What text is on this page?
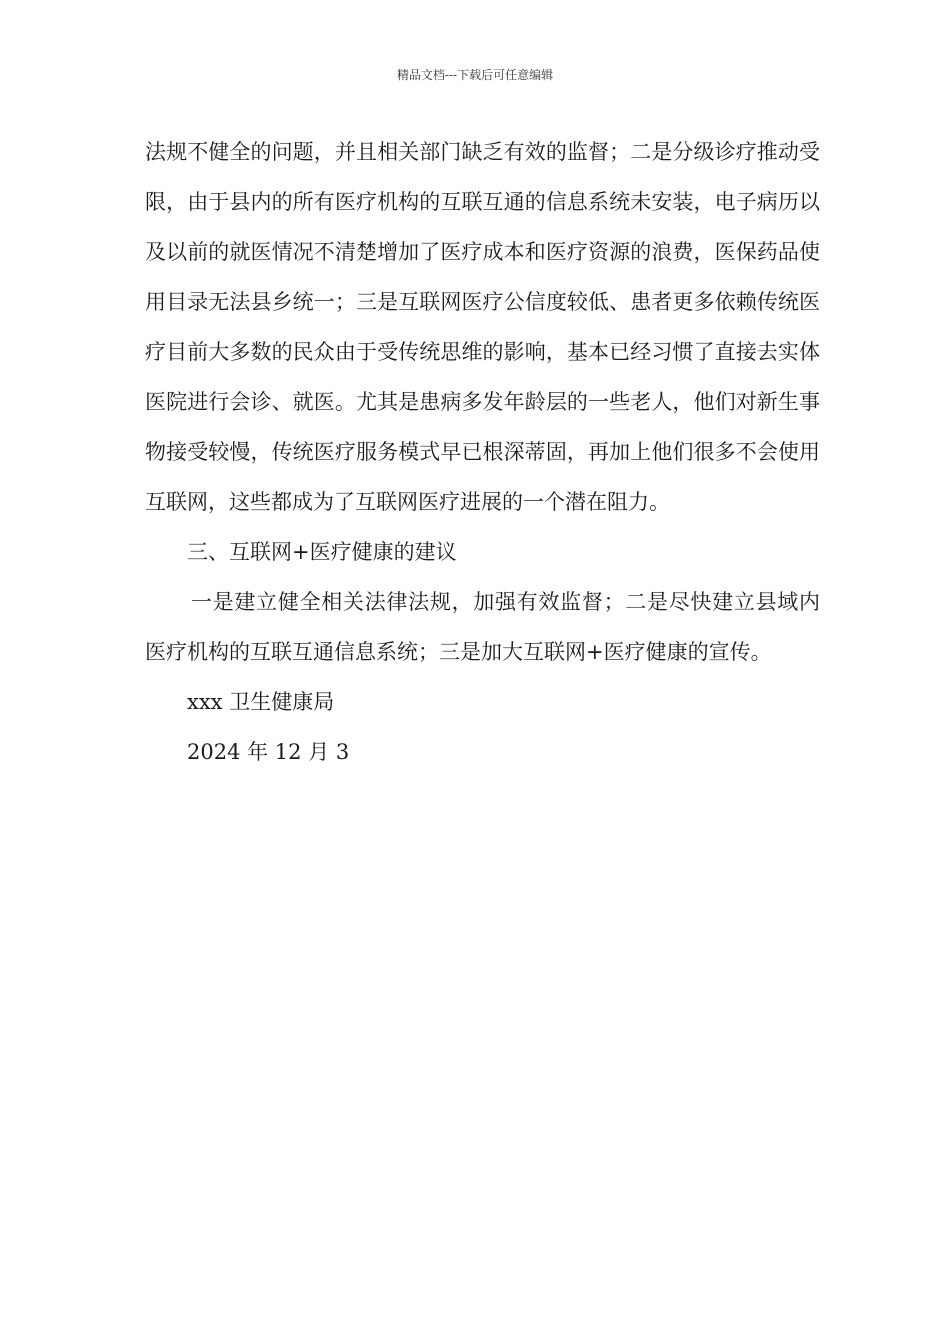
精品文档---下载后可任意编辑

法规不健全的问题，并且相关部门缺乏有效的监督；二是分级诊疗推动受限，由于县内的所有医疗机构的互联互通的信息系统未安装，电子病历以及以前的就医情况不清楚增加了医疗成本和医疗资源的浪费，医保药品使用目录无法县乡统一；三是互联网医疗公信度较低、患者更多依赖传统医疗目前大多数的民众由于受传统思维的影响，基本已经习惯了直接去实体医院进行会诊、就医。尤其是患病多发年龄层的一些老人，他们对新生事物接受较慢，传统医疗服务模式早已根深蒂固，再加上他们很多不会使用互联网，这些都成为了互联网医疗进展的一个潜在阻力。

三、互联网+医疗健康的建议

一是建立健全相关法律法规，加强有效监督；二是尽快建立县域内医疗机构的互联互通信息系统；三是加大互联网+医疗健康的宣传。

xxx 卫生健康局

2024 年 12 月 3
